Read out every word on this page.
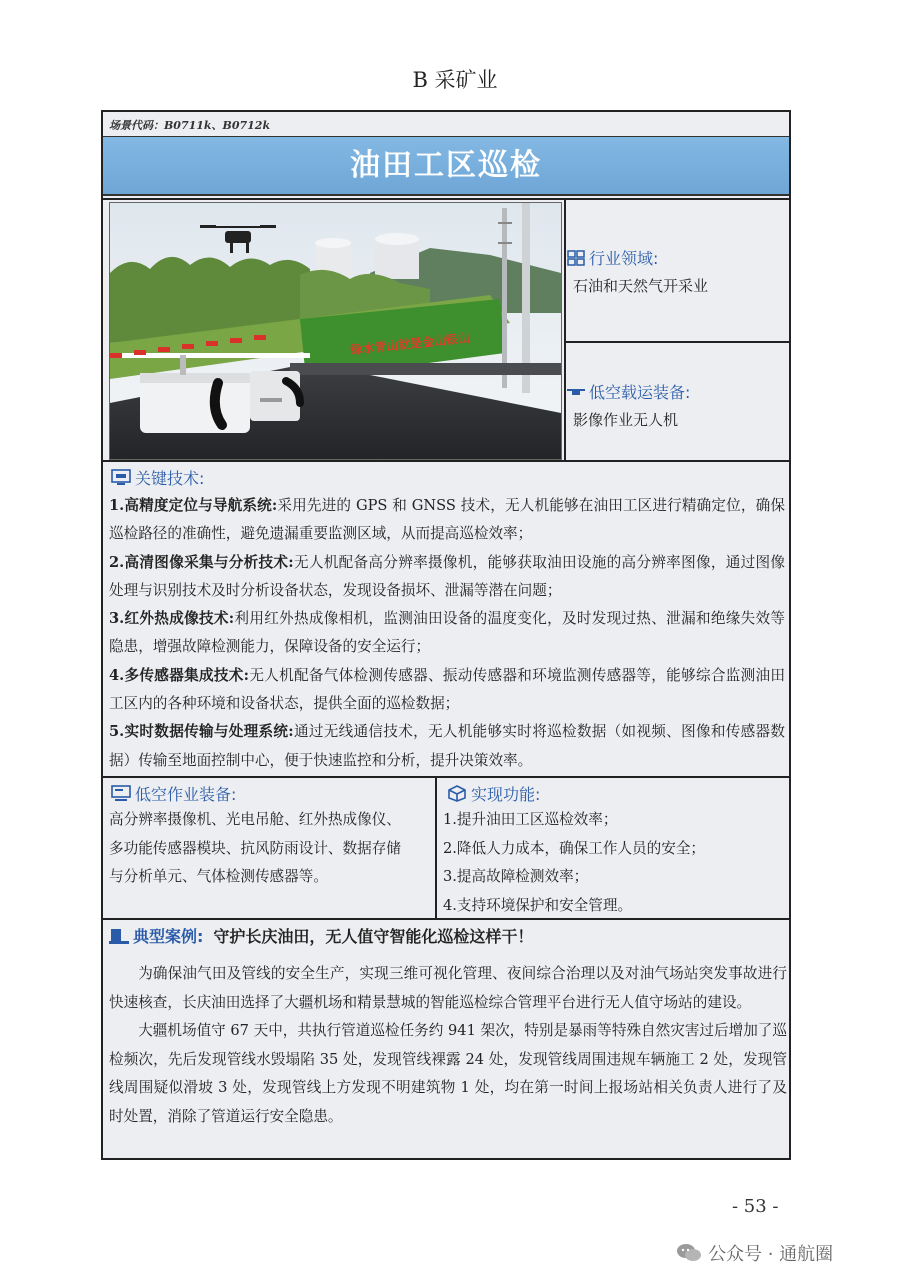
B 采矿业
场景代码：B0711k、B0712k
油田工区巡检
绿水青山就是金山银山
行业领域:
石油和天然气开采业
低空载运装备:
影像作业无人机
关键技术:

1.高精度定位与导航系统:采用先进的 GPS 和 GNSS 技术，无人机能够在油田工区进行精确定位，确保巡检路径的准确性，避免遗漏重要监测区域，从而提高巡检效率；

2.高清图像采集与分析技术:无人机配备高分辨率摄像机，能够获取油田设施的高分辨率图像，通过图像处理与识别技术及时分析设备状态，发现设备损坏、泄漏等潜在问题；

3.红外热成像技术:利用红外热成像相机，监测油田设备的温度变化，及时发现过热、泄漏和绝缘失效等隐患，增强故障检测能力，保障设备的安全运行；

4.多传感器集成技术:无人机配备气体检测传感器、振动传感器和环境监测传感器等，能够综合监测油田工区内的各种环境和设备状态，提供全面的巡检数据；

5.实时数据传输与处理系统:通过无线通信技术，无人机能够实时将巡检数据（如视频、图像和传感器数据）传输至地面控制中心，便于快速监控和分析，提升决策效率。

低空作业装备:
高分辨率摄像机、光电吊舱、红外热成像仪、
多功能传感器模块、抗风防雨设计、数据存储
与分析单元、气体检测传感器等。
实现功能:
1.提升油田工区巡检效率；
2.降低人力成本，确保工作人员的安全；
3.提高故障检测效率；
4.支持环境保护和安全管理。
典型案例: 守护长庆油田，无人值守智能化巡检这样干！

为确保油气田及管线的安全生产，实现三维可视化管理、夜间综合治理以及对油气场站突发事故进行快速核查，长庆油田选择了大疆机场和精景慧城的智能巡检综合管理平台进行无人值守场站的建设。

大疆机场值守 67 天中，共执行管道巡检任务约 941 架次，特别是暴雨等特殊自然灾害过后增加了巡检频次，先后发现管线水毁塌陷 35 处，发现管线裸露 24 处，发现管线周围违规车辆施工 2 处，发现管线周围疑似滑坡 3 处，发现管线上方发现不明建筑物 1 处，均在第一时间上报场站相关负责人进行了及时处置，消除了管道运行安全隐患。

- 53 -
公众号 · 通航圈
